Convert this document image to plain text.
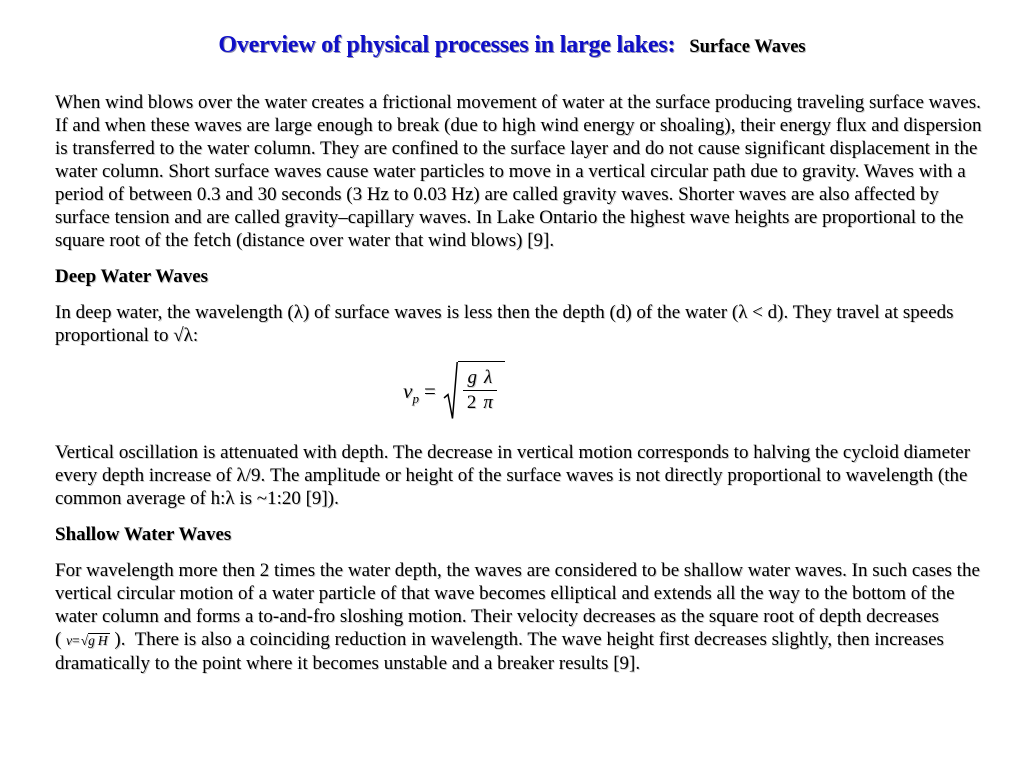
Overview of physical processes in large lakes: Surface Waves

When wind blows over the water creates a frictional movement of water at the surface producing traveling surface waves. If and when these waves are large enough to break (due to high wind energy or shoaling), their energy flux and dispersion is transferred to the water column. They are confined to the surface layer and do not cause significant displacement in the water column. Short surface waves cause water particles to move in a vertical circular path due to gravity. Waves with a period of between 0.3 and 30 seconds (3 Hz to 0.03 Hz) are called gravity waves. Shorter waves are also affected by surface tension and are called gravity–capillary waves. In Lake Ontario the highest wave heights are proportional to the square root of the fetch (distance over water that wind blows) [9].

Deep Water Waves

In deep water, the wavelength (λ) of surface waves is less then the depth (d) of the water (λ < d). They travel at speeds proportional to √λ:

v $p = \frac{\text{g λ}}{2 \pi}$

Vertical oscillation is attenuated with depth. The decrease in vertical motion corresponds to halving the cycloid diameter every depth increase of λ/9. The amplitude or height of the surface waves is not directly proportional to wavelength (the common average of h:λ is ~1:20 [9]).

Shallow Water Waves

For wavelength more then 2 times the water depth, the waves are considered to be shallow water waves. In such cases the vertical circular motion of a water particle of that wave becomes elliptical and extends all the way to the bottom of the water column and forms a to-and-fro sloshing motion. Their velocity decreases as the square root of depth decreases ( v=√g H ).  There is also a coinciding reduction in wavelength. The wave height first decreases slightly, then increases dramatically to the point where it becomes unstable and a breaker results [9].
